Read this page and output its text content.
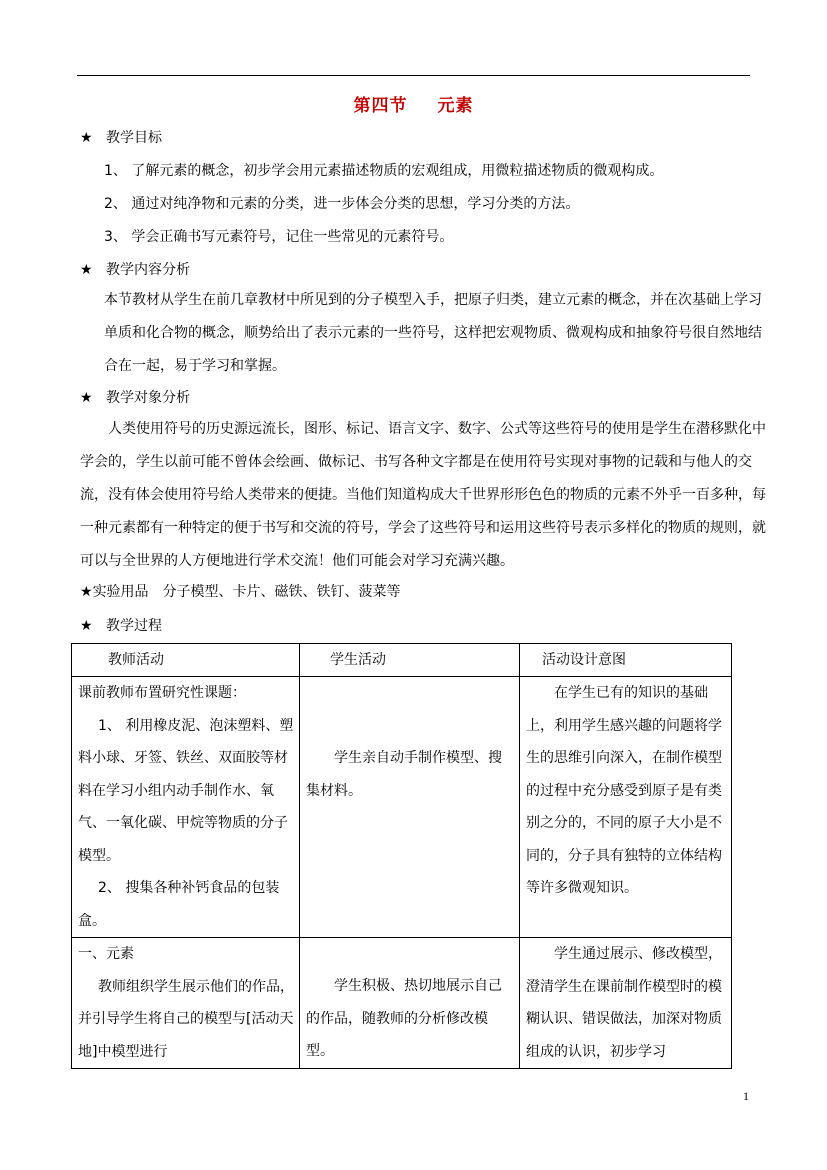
第四节 元素
★ 教学目标
1、 了解元素的概念，初步学会用元素描述物质的宏观组成，用微粒描述物质的微观构成。
2、 通过对纯净物和元素的分类，进一步体会分类的思想，学习分类的方法。
3、 学会正确书写元素符号，记住一些常见的元素符号。
★ 教学内容分析
本节教材从学生在前几章教材中所见到的分子模型入手，把原子归类，建立元素的概念，并在次基础上学习单质和化合物的概念，顺势给出了表示元素的一些符号，这样把宏观物质、微观构成和抽象符号很自然地结合在一起，易于学习和掌握。
★ 教学对象分析
人类使用符号的历史源远流长，图形、标记、语言文字、数字、公式等这些符号的使用是学生在潜移默化中学会的，学生以前可能不曾体会绘画、做标记、书写各种文字都是在使用符号实现对事物的记载和与他人的交流，没有体会使用符号给人类带来的便捷。当他们知道构成大千世界形形色色的物质的元素不外乎一百多种，每一种元素都有一种特定的便于书写和交流的符号，学会了这些符号和运用这些符号表示多样化的物质的规则，就可以与全世界的人方便地进行学术交流！他们可能会对学习充满兴趣。
★实验用品 分子模型、卡片、磁铁、铁钉、菠菜等
★ 教学过程
教师活动	学生活动	活动设计意图

课前教师布置研究性课题：
1、 利用橡皮泥、泡沫塑料、塑料小球、牙签、铁丝、双面胶等材料在学习小组内动手制作水、氧气、一氧化碳、甲烷等物质的分子模型。
2、 搜集各种补钙食品的包装盒。	学生亲自动手制作模型、搜集材料。	在学生已有的知识的基础上，利用学生感兴趣的问题将学生的思维引向深入，在制作模型的过程中充分感受到原子是有类别之分的，不同的原子大小是不同的，分子具有独特的立体结构等许多微观知识。

一、元素
教师组织学生展示他们的作品，并引导学生将自己的模型与[活动天地]中模型进行	学生积极、热切地展示自己的作品，随教师的分析修改模型。	学生通过展示、修改模型，澄清学生在课前制作模型时的模糊认识、错误做法，加深对物质组成的认识，初步学习
1
